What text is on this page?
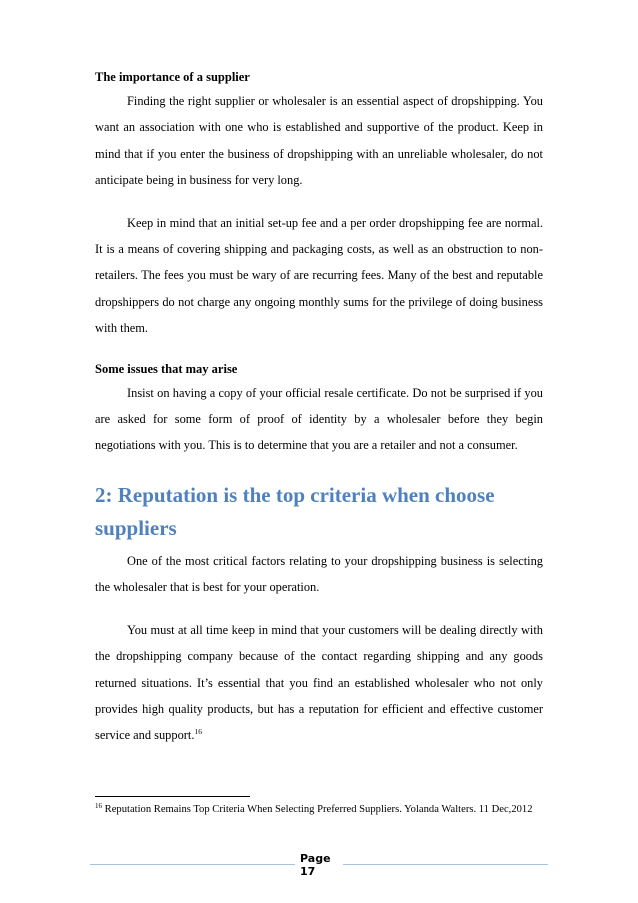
The importance of a supplier

Finding the right supplier or wholesaler is an essential aspect of dropshipping. You want an association with one who is established and supportive of the product. Keep in mind that if you enter the business of dropshipping with an unreliable wholesaler, do not anticipate being in business for very long.

Keep in mind that an initial set-up fee and a per order dropshipping fee are normal. It is a means of covering shipping and packaging costs, as well as an obstruction to non-retailers. The fees you must be wary of are recurring fees. Many of the best and reputable dropshippers do not charge any ongoing monthly sums for the privilege of doing business with them.

Some issues that may arise

Insist on having a copy of your official resale certificate. Do not be surprised if you are asked for some form of proof of identity by a wholesaler before they begin negotiations with you. This is to determine that you are a retailer and not a consumer.

2: Reputation is the top criteria when choose suppliers

One of the most critical factors relating to your dropshipping business is selecting the wholesaler that is best for your operation.

You must at all time keep in mind that your customers will be dealing directly with the dropshipping company because of the contact regarding shipping and any goods returned situations. It’s essential that you find an established wholesaler who not only provides high quality products, but has a reputation for efficient and effective customer service and support.$^{16}$

$^{16}$ Reputation Remains Top Criteria When Selecting Preferred Suppliers. Yolanda Walters. 11 Dec,2012
Page
17
